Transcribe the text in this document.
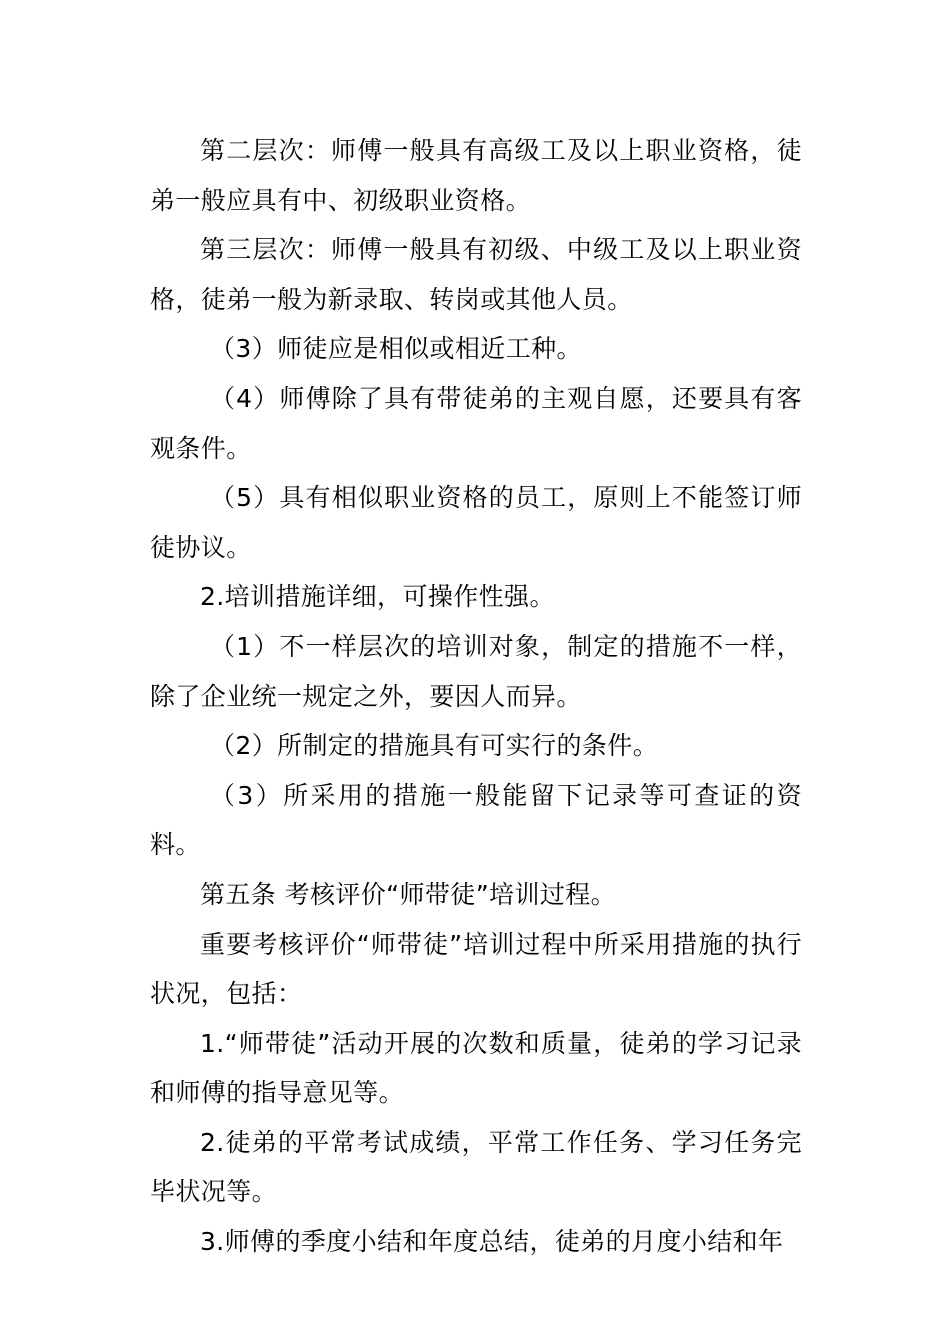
第二层次：师傅一般具有高级工及以上职业资格，徒弟一般应具有中、初级职业资格。

第三层次：师傅一般具有初级、中级工及以上职业资格，徒弟一般为新录取、转岗或其他人员。

（3）师徒应是相似或相近工种。

（4）师傅除了具有带徒弟的主观自愿，还要具有客观条件。

（5）具有相似职业资格的员工，原则上不能签订师徒协议。

2.培训措施详细，可操作性强。

（1）不一样层次的培训对象，制定的措施不一样，除了企业统一规定之外，要因人而异。

（2）所制定的措施具有可实行的条件。

（3）所采用的措施一般能留下记录等可查证的资料。

第五条 考核评价“师带徒”培训过程。

重要考核评价“师带徒”培训过程中所采用措施的执行状况，包括：

1.“师带徒”活动开展的次数和质量，徒弟的学习记录和师傅的指导意见等。

2.徒弟的平常考试成绩，平常工作任务、学习任务完毕状况等。

3.师傅的季度小结和年度总结，徒弟的月度小结和年
